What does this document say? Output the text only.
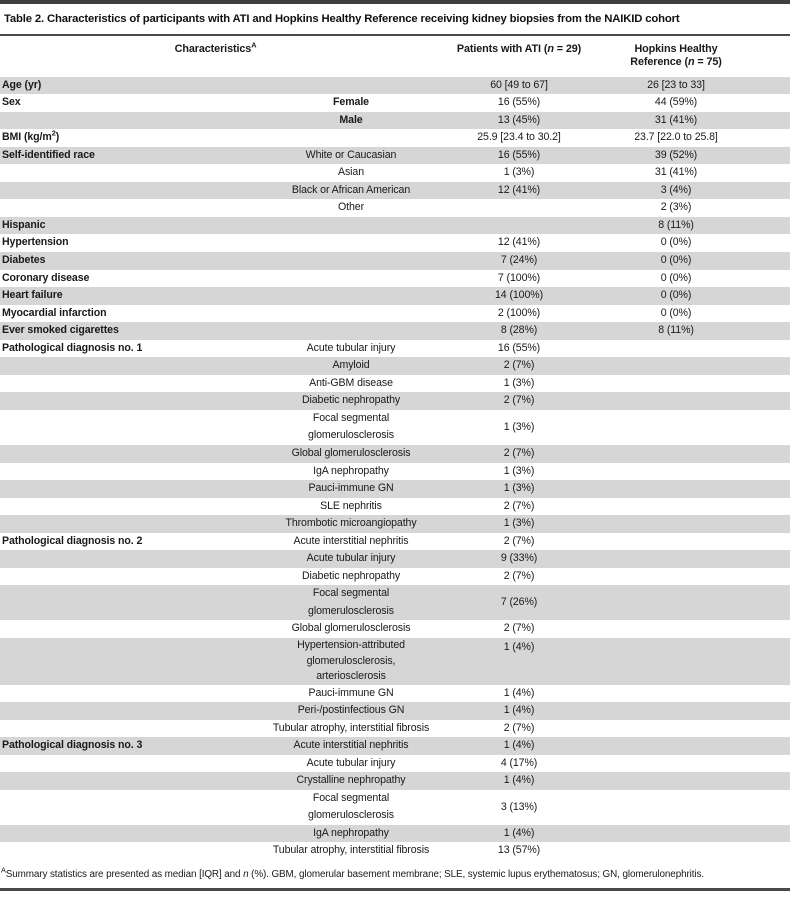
Table 2. Characteristics of participants with ATI and Hopkins Healthy Reference receiving kidney biopsies from the NAIKID cohort
Characteristics$^A$		Patients with ATI (n = 29)	Hopkins Healthy
Reference (n = 75)	
Age (yr)		60 [49 to 67]	26 [23 to 33]	
Sex	Female	16 (55%)	44 (59%)	
	Male	13 (45%)	31 (41%)	
BMI (kg/m$^2$)		25.9 [23.4 to 30.2]	23.7 [22.0 to 25.8]	
Self-identified race	White or Caucasian	16 (55%)	39 (52%)	
	Asian	1 (3%)	31 (41%)	
	Black or African American	12 (41%)	3 (4%)	
	Other		2 (3%)	
Hispanic			8 (11%)	
Hypertension		12 (41%)	0 (0%)	
Diabetes		7 (24%)	0 (0%)	
Coronary disease		7 (100%)	0 (0%)	
Heart failure		14 (100%)	0 (0%)	
Myocardial infarction		2 (100%)	0 (0%)	
Ever smoked cigarettes		8 (28%)	8 (11%)	
Pathological diagnosis no. 1	Acute tubular injury	16 (55%)		
	Amyloid	2 (7%)		
	Anti-GBM disease	1 (3%)		
	Diabetic nephropathy	2 (7%)		
	Focal segmental glomerulosclerosis	1 (3%)		
	Global glomerulosclerosis	2 (7%)		
	IgA nephropathy	1 (3%)		
	Pauci-immune GN	1 (3%)		
	SLE nephritis	2 (7%)		
	Thrombotic microangiopathy	1 (3%)		
Pathological diagnosis no. 2	Acute interstitial nephritis	2 (7%)		
	Acute tubular injury	9 (33%)		
	Diabetic nephropathy	2 (7%)		
	Focal segmental glomerulosclerosis	7 (26%)		
	Global glomerulosclerosis	2 (7%)		
	Hypertension-attributed glomerulosclerosis, arteriosclerosis	1 (4%)		
	Pauci-immune GN	1 (4%)		
	Peri-/postinfectious GN	1 (4%)		
	Tubular atrophy, interstitial fibrosis	2 (7%)		
Pathological diagnosis no. 3	Acute interstitial nephritis	1 (4%)		
	Acute tubular injury	4 (17%)		
	Crystalline nephropathy	1 (4%)		
	Focal segmental glomerulosclerosis	3 (13%)		
	IgA nephropathy	1 (4%)		
	Tubular atrophy, interstitial fibrosis	13 (57%)		
$^A$Summary statistics are presented as median [IQR] and n (%). GBM, glomerular basement membrane; SLE, systemic lupus erythematosus; GN, glomerulonephritis.
